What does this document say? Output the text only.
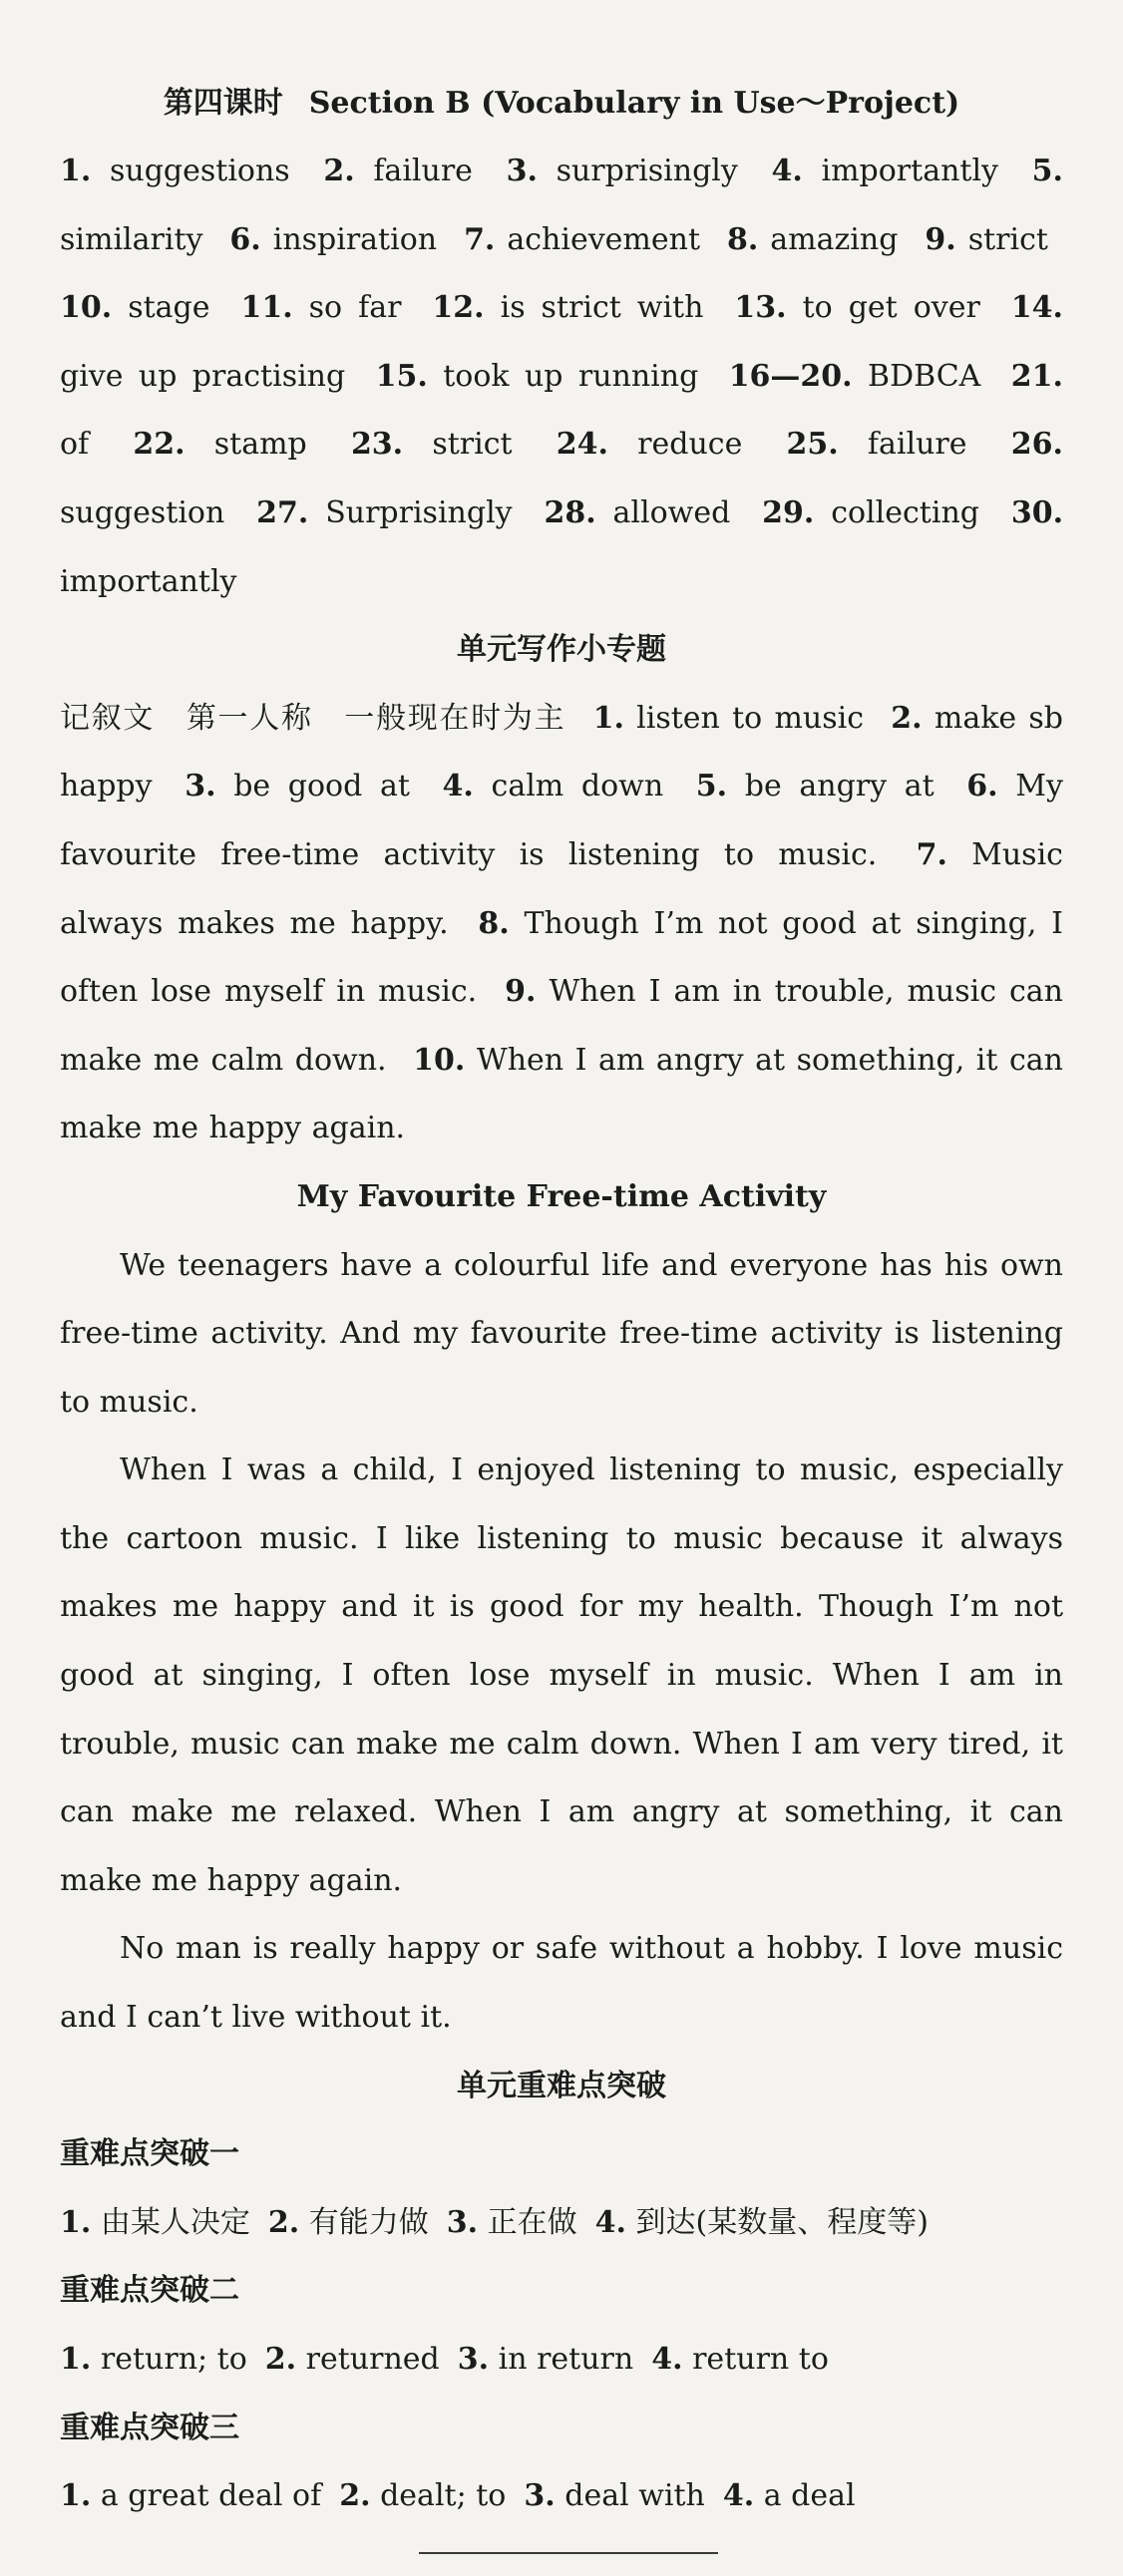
第四课时 Section B (Vocabulary in Use～Project)
1. suggestions  2. failure  3. surprisingly  4. importantly  5. similarity  6. inspiration  7. achievement  8. amazing  9. strict  10. stage  11. so far  12. is strict with  13. to get over  14. give up practising  15. took up running  16—20. BDBCA  21. of  22. stamp  23. strict  24. reduce  25. failure  26. suggestion  27. Surprisingly  28. allowed  29. collecting  30. importantly 
单元写作小专题
记叙文　第一人称　一般现在时为主  1. listen to music  2. make sb happy  3. be good at  4. calm down  5. be angry at  6. My favourite free-time activity is listening to music.  7. Music always makes me happy.  8. Though I’m not good at singing, I often lose myself in music.  9. When I am in trouble, music can make me calm down.  10. When I am angry at something, it can make me happy again. 
My Favourite Free-time Activity

We teenagers have a colourful life and everyone has his own free-time activity. And my favourite free-time activity is listening to music.

When I was a child, I enjoyed listening to music, especially the cartoon music. I like listening to music because it always makes me happy and it is good for my health. Though I’m not good at singing, I often lose myself in music. When I am in trouble, music can make me calm down. When I am very tired, it can make me relaxed. When I am angry at something, it can make me happy again.

No man is really happy or safe without a hobby. I love music and I can’t live without it.

单元重难点突破
重难点突破一
1. 由某人决定 2. 有能力做 3. 正在做 4. 到达(某数量、程度等)
重难点突破二
1. return; to 2. returned 3. in return 4. return to
重难点突破三
1. a great deal of 2. dealt; to 3. deal with 4. a deal
